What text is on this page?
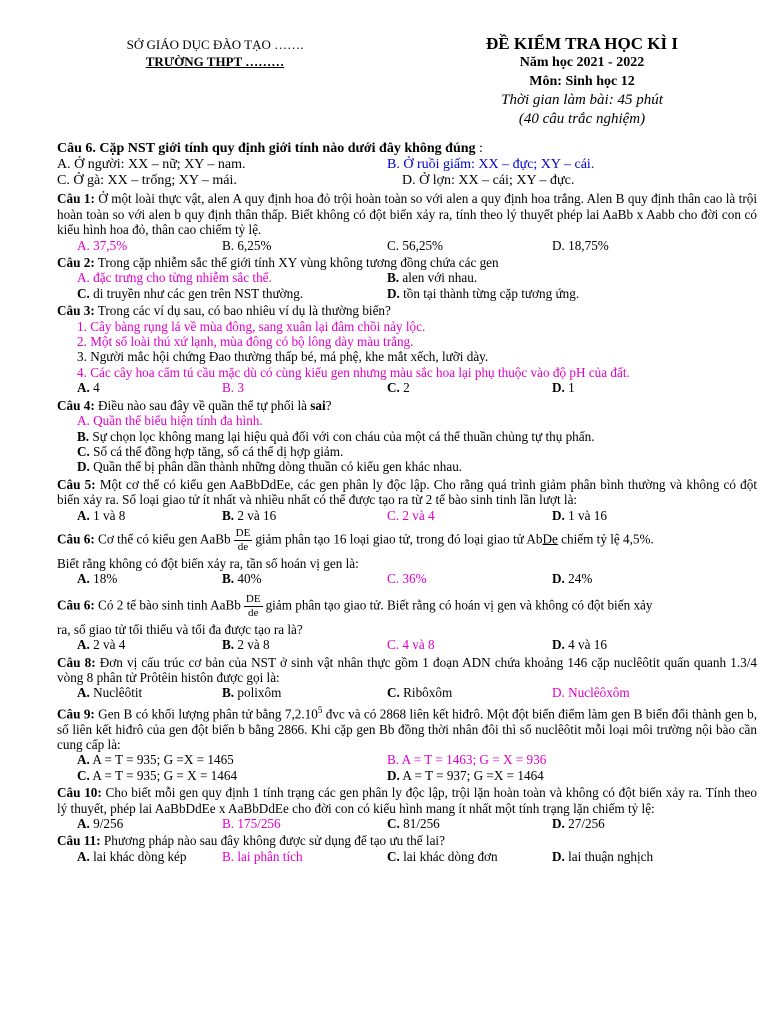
SỞ GIÁO DỤC ĐÀO TẠO …….
TRƯỜNG THPT ………
ĐỀ KIỂM TRA HỌC KÌ I
Năm học 2021 - 2022
Môn: Sinh học 12
Thời gian làm bài: 45 phút
(40 câu trắc nghiệm)
Câu 6. Cặp NST giới tính quy định giới tính nào dưới đây không đúng :
A. Ở người: XX – nữ; XY – nam.	B. Ở ruồi giấm: XX – đực; XY – cái.
C. Ở gà: XX – trống; XY – mái.	D. Ở lợn: XX – cái; XY – đực.
Câu 1: Ở một loài thực vật, alen A quy định hoa đỏ trội hoàn toàn so với alen a quy định hoa trắng. Alen B quy định thân cao là trội hoàn toàn so với alen b quy định thân thấp. Biết không có đột biến xảy ra, tính theo lý thuyết phép lai AaBb x Aabb cho đời con có kiểu hình hoa đỏ, thân cao chiếm tỷ lệ.
A. 37,5%	B. 6,25%	C. 56,25%	D. 18,75%
Câu 2: Trong cặp nhiễm sắc thể giới tính XY vùng không tương đồng chứa các gen
A. đặc trưng cho từng nhiễm sắc thể.	B. alen với nhau.
C. di truyền như các gen trên NST thường.	D. tồn tại thành từng cặp tương ứng.
Câu 3: Trong các ví dụ sau, có bao nhiêu ví dụ là thường biến?
1. Cây bàng rụng lá về mùa đông, sang xuân lại đâm chồi nảy lộc.
2. Một số loài thú xứ lạnh, mùa đông có bộ lông dày màu trắng.
3. Người mắc hội chứng Đao thường thấp bé, má phệ, khe mắt xếch, lưỡi dày.
4. Các cây hoa cẩm tú cầu mặc dù có cùng kiểu gen nhưng màu sắc hoa lại phụ thuộc vào độ pH của đất.
A. 4	B. 3	C. 2	D. 1
Câu 4: Điều nào sau đây về quần thể tự phối là sai?
A. Quần thể biểu hiện tính đa hình.
B. Sự chọn lọc không mang lại hiệu quả đối với con cháu của một cá thể thuần chủng tự thụ phấn.
C. Số cá thể đồng hợp tăng, số cá thể dị hợp giảm.
D. Quần thể bị phân dần thành những dòng thuần có kiểu gen khác nhau.
Câu 5: Một cơ thể có kiểu gen AaBbDdEe, các gen phân ly độc lập. Cho rằng quá trình giảm phân bình thường và không có đột biến xảy ra. Số loại giao tử ít nhất và nhiều nhất có thể được tạo ra từ 2 tế bào sinh tinh lần lượt là:
A. 1 và 8	B. 2 và 16	C. 2 và 4	D. 1 và 16
Câu 6: Cơ thể có kiểu gen AaBb $\frac{DE}{de}$ giảm phân tạo 16 loại giao tử, trong đó loại giao tử AbDe chiếm tỷ lệ 4,5%.
Biết rằng không có đột biến xảy ra, tần số hoán vị gen là:
A. 18%	B. 40%	C. 36%	D. 24%
Câu 6: Có 2 tế bào sinh tinh AaBb $\frac{DE}{de}$ giảm phân tạo giao tử. Biết rằng có hoán vị gen và không có đột biến xảy
ra, số giao tử tối thiểu và tối đa được tạo ra là?
A. 2 và 4	B. 2 và 8	C. 4 và 8	D. 4 và 16
Câu 8: Đơn vị cấu trúc cơ bản của NST ở sinh vật nhân thực gồm 1 đoạn ADN chứa khoảng 146 cặp nuclêôtit quấn quanh 1.3/4 vòng 8 phân tử Prôtêin histôn được gọi là:
A. Nuclêôtit	B. polixôm	C. Ribôxôm	D. Nuclêôxôm
Câu 9: Gen B có khối lượng phân tử bằng 7,2.10$^5$ đvc và có 2868 liên kết hiđrô. Một đột biến điểm làm gen B biến đổi thành gen b, số liên kết hiđrô của gen đột biến b bằng 2866. Khi cặp gen Bb đồng thời nhân đôi thì số nuclêôtit mỗi loại môi trường nội bào cần cung cấp là:
A. A = T = 935; G =X = 1465	B. A = T = 1463; G = X = 936
C. A = T = 935; G = X = 1464	D. A = T = 937; G =X = 1464
Câu 10: Cho biết mỗi gen quy định 1 tính trạng các gen phân ly độc lập, trội lặn hoàn toàn và không có đột biến xảy ra. Tính theo lý thuyết, phép lai AaBbDdEe x AaBbDdEe cho đời con có kiểu hình mang ít nhất một tính trạng lặn chiếm tỷ lệ:
A. 9/256	B. 175/256	C. 81/256	D. 27/256
Câu 11: Phương pháp nào sau đây không được sử dụng để tạo ưu thế lai?
A. lai khác dòng kép	B. lai phân tích	C. lai khác dòng đơn	D. lai thuận nghịch
